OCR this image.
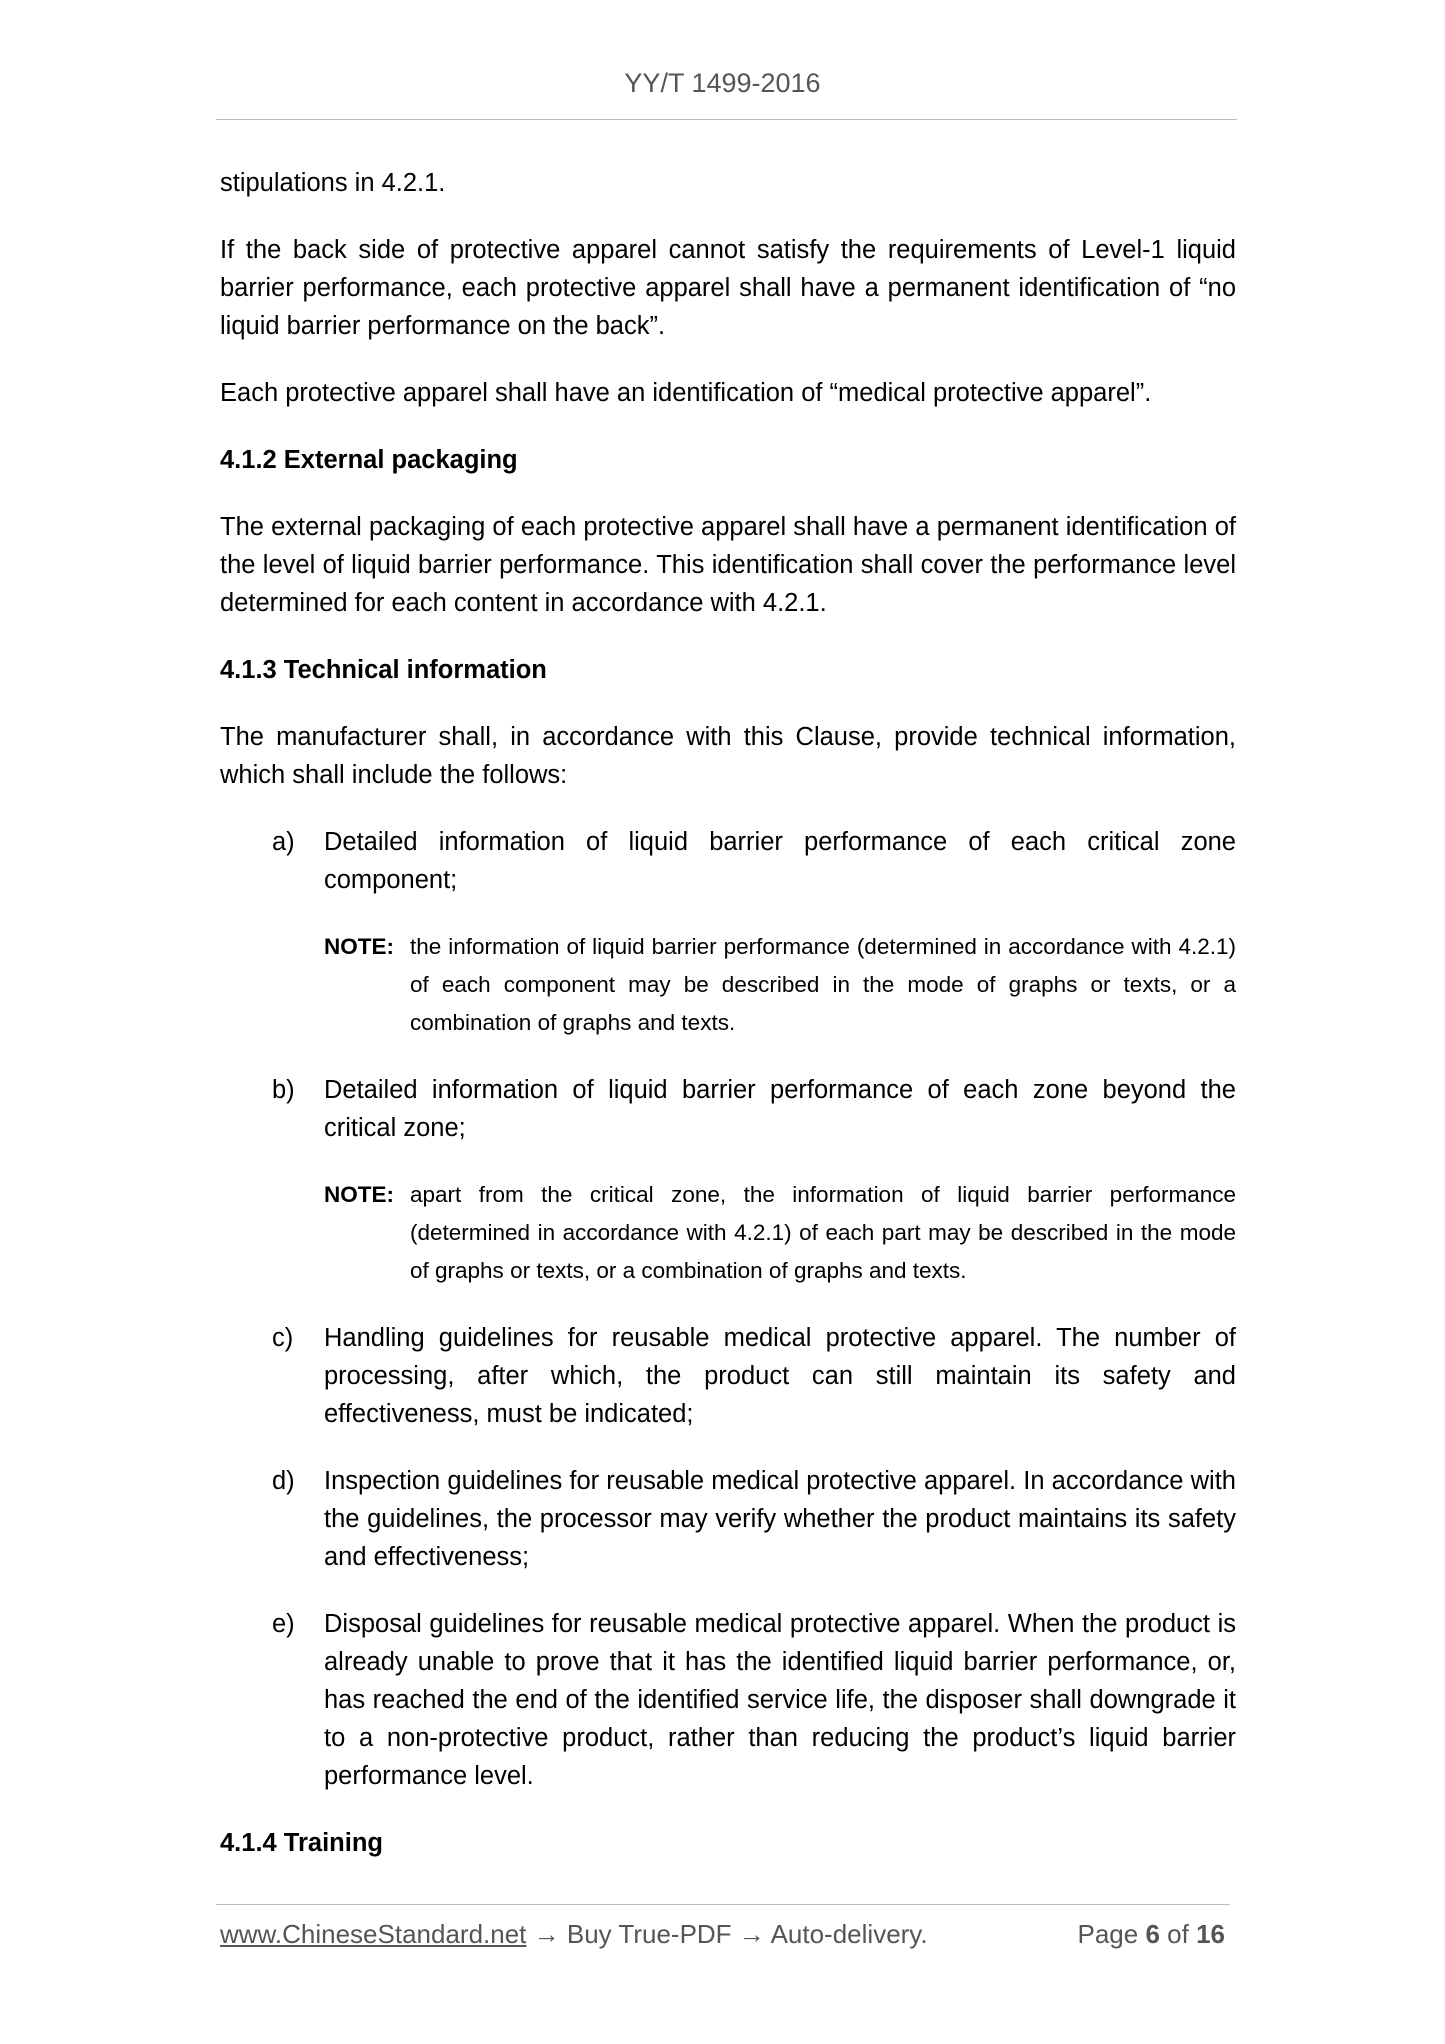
YY/T 1499-2016

stipulations in 4.2.1.

If the back side of protective apparel cannot satisfy the requirements of Level-1 liquid barrier performance, each protective apparel shall have a permanent identification of “no liquid barrier performance on the back”.

Each protective apparel shall have an identification of “medical protective apparel”.

4.1.2 External packaging

The external packaging of each protective apparel shall have a permanent identification of the level of liquid barrier performance. This identification shall cover the performance level determined for each content in accordance with 4.2.1.

4.1.3 Technical information

The manufacturer shall, in accordance with this Clause, provide technical information, which shall include the follows:

a) Detailed information of liquid barrier performance of each critical zone component;
NOTE: the information of liquid barrier performance (determined in accordance with 4.2.1) of each component may be described in the mode of graphs or texts, or a combination of graphs and texts.
b) Detailed information of liquid barrier performance of each zone beyond the critical zone;
NOTE: apart from the critical zone, the information of liquid barrier performance (determined in accordance with 4.2.1) of each part may be described in the mode of graphs or texts, or a combination of graphs and texts.
c) Handling guidelines for reusable medical protective apparel. The number of processing, after which, the product can still maintain its safety and effectiveness, must be indicated;
d) Inspection guidelines for reusable medical protective apparel. In accordance with the guidelines, the processor may verify whether the product maintains its safety and effectiveness;
e) Disposal guidelines for reusable medical protective apparel. When the product is already unable to prove that it has the identified liquid barrier performance, or, has reached the end of the identified service life, the disposer shall downgrade it to a non-protective product, rather than reducing the product’s liquid barrier performance level.
4.1.4 Training
www.ChineseStandard.net → Buy True-PDF → Auto-delivery.	Page 6 of 16
